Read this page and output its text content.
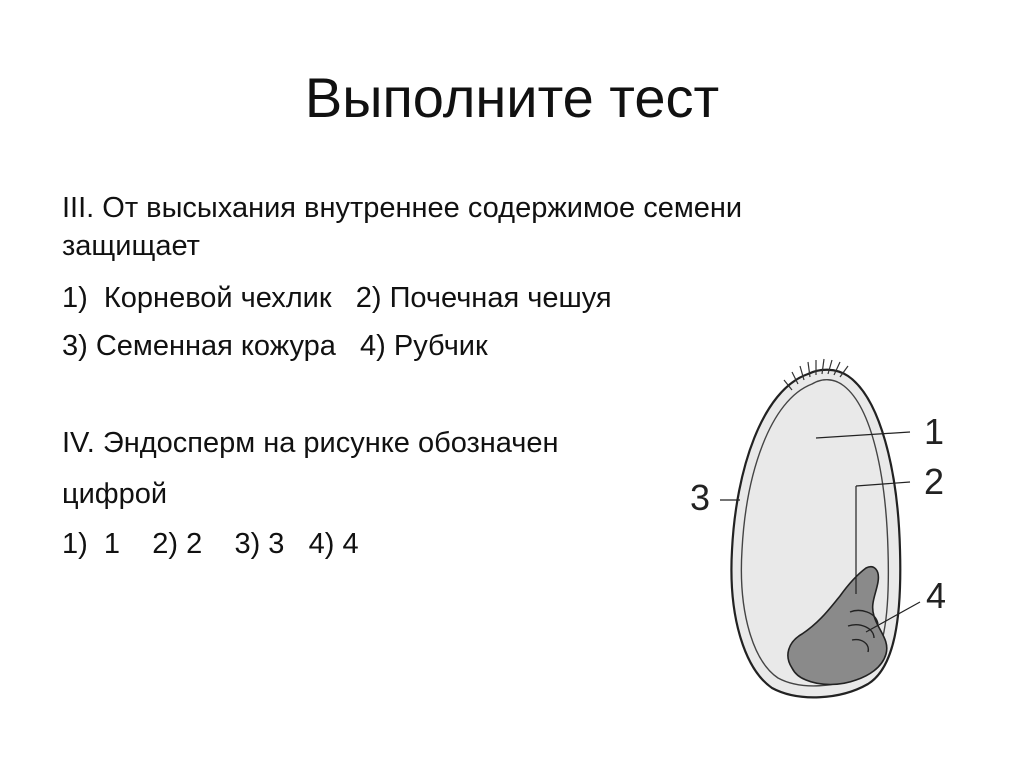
Выполните тест

III. От высыхания внутреннее содержимое семени

защищает

1)  Корневой чехлик   2) Почечная чешуя

3) Семенная кожура   4) Рубчик

IV. Эндосперм на рисунке обозначен

цифрой

1)  1    2) 2    3) 3   4) 4

1
2
3
4
